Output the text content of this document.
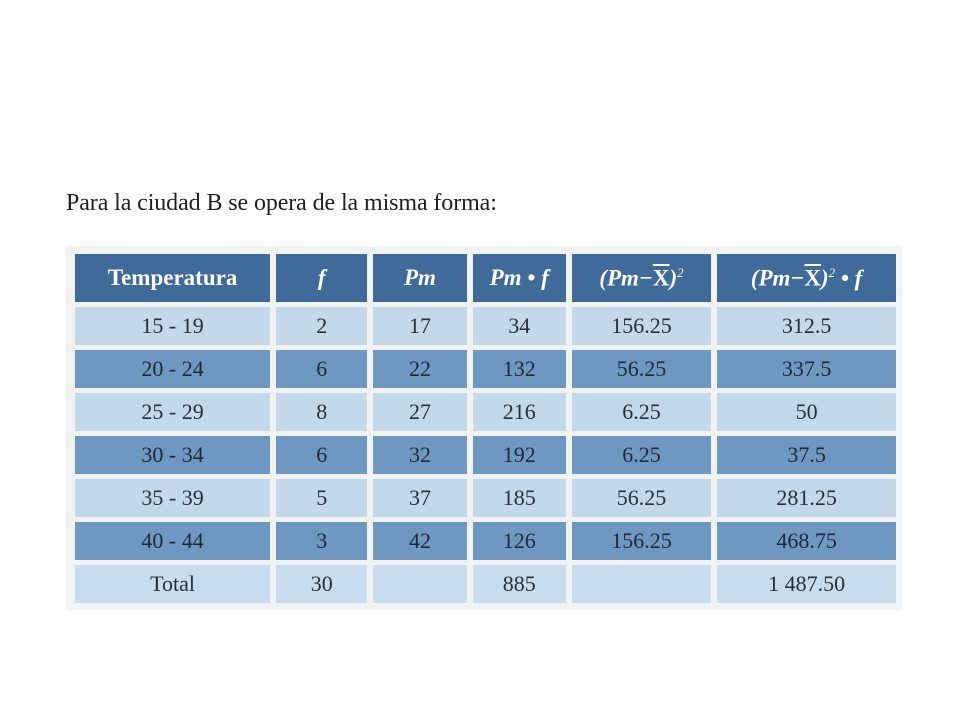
Para la ciudad B se opera de la misma forma:
Temperatura	f	Pm	Pm • f	$(Pm-\overline{X})^2$	$(Pm-\overline{X})^2$ • f
15 - 19	2	17	34	156.25	312.5
20 - 24	6	22	132	56.25	337.5
25 - 29	8	27	216	6.25	50
30 - 34	6	32	192	6.25	37.5
35 - 39	5	37	185	56.25	281.25
40 - 44	3	42	126	156.25	468.75
Total	30		885		1 487.50
